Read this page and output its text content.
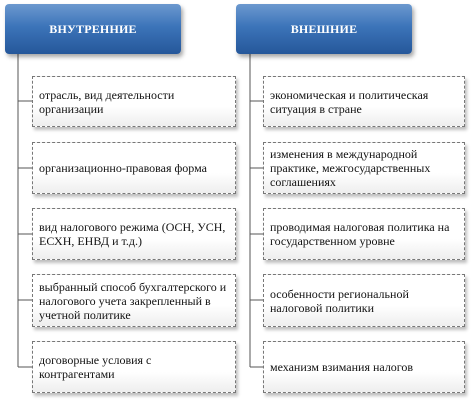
ВНУТРЕННИЕ	ВНЕШНИЕ
отрасль, вид деятельности организации
организационно-правовая форма
вид налогового режима (ОСН, УСН, ЕСХН, ЕНВД и т.д.)
выбранный способ бухгалтерского и налогового учета закрепленный в учетной политике
договорные условия с контрагентами
экономическая и политическая ситуация в стране
изменения в международной практике, межгосударственных соглашениях
проводимая налоговая политика на государственном уровне
особенности региональной налоговой политики
механизм взимания налогов
